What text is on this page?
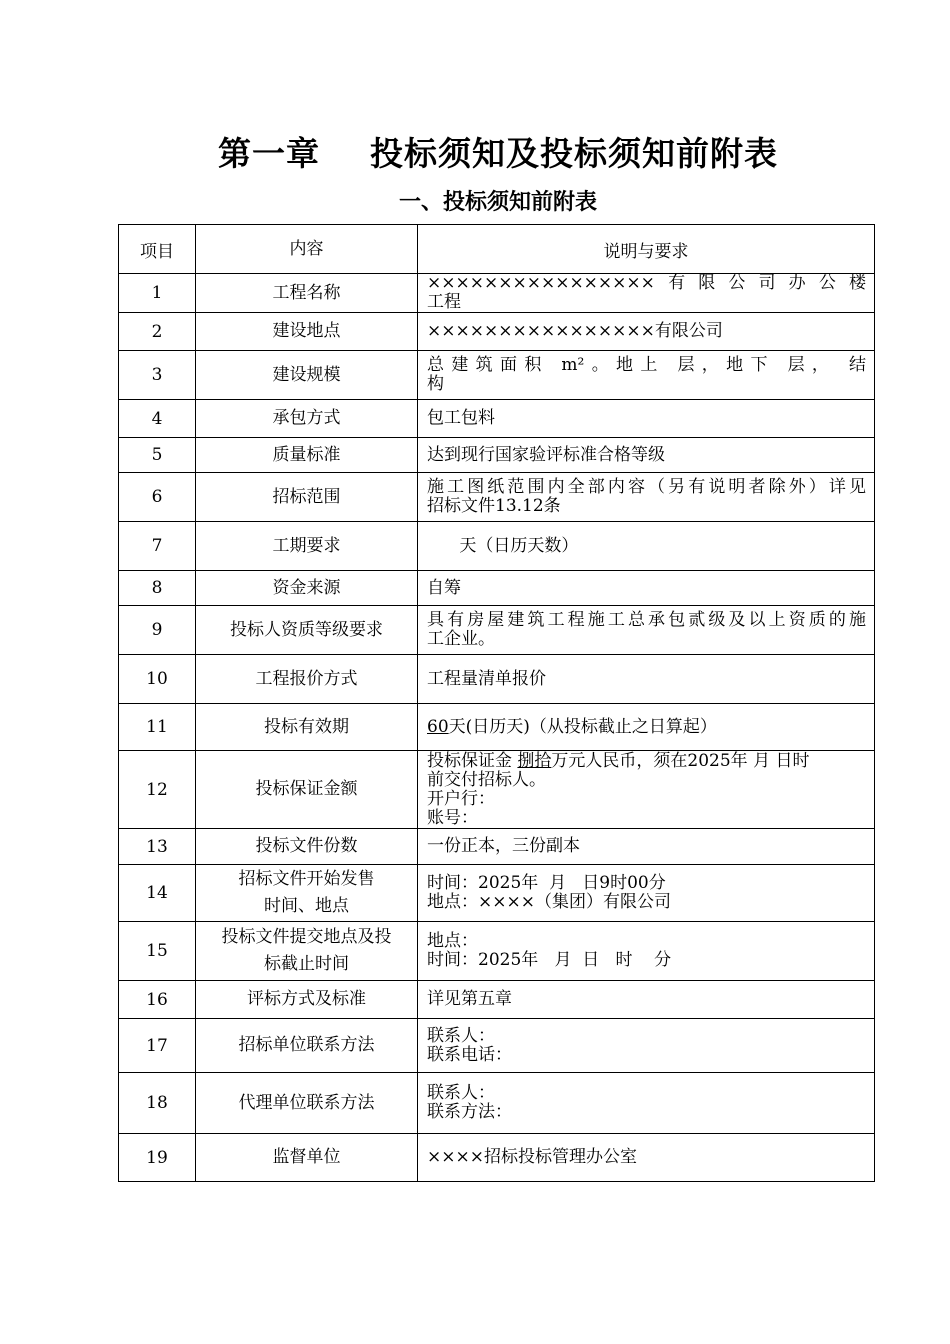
第一章    投标须知及投标须知前附表
一、投标须知前附表
项目	内容	说明与要求
1	工程名称	××××××××××××××××有限公司办公楼
工程

2	建设地点	××××××××××××××××有限公司

3	建设规模	总建筑面积 m²。地上 层，地下 层， 结
构

4	承包方式	包工包料

5	质量标准	达到现行国家验评标准合格等级

6	招标范围	施工图纸范围内全部内容（另有说明者除外）详见
招标文件13.12条

7	工期要求	天（日历天数）

8	资金来源	自筹

9	投标人资质等级要求	具有房屋建筑工程施工总承包贰级及以上资质的施
工企业。

10	工程报价方式	工程量清单报价

11	投标有效期	60天(日历天)（从投标截止之日算起）

12	投标保证金额	投标保证金 捌拾万元人民币，须在2025年 月 日时
前交付招标人。
开户行：
账号：

13	投标文件份数	一份正本，三份副本

14	招标文件开始发售
时间、地点	时间：2025年  月   日9时00分
地点：××××（集团）有限公司

15	投标文件提交地点及投
标截止时间	地点：
时间：2025年   月  日   时    分

16	评标方式及标准	详见第五章

17	招标单位联系方法	联系人：
联系电话：

18	代理单位联系方法	联系人：
联系方法：

19	监督单位	××××招标投标管理办公室
